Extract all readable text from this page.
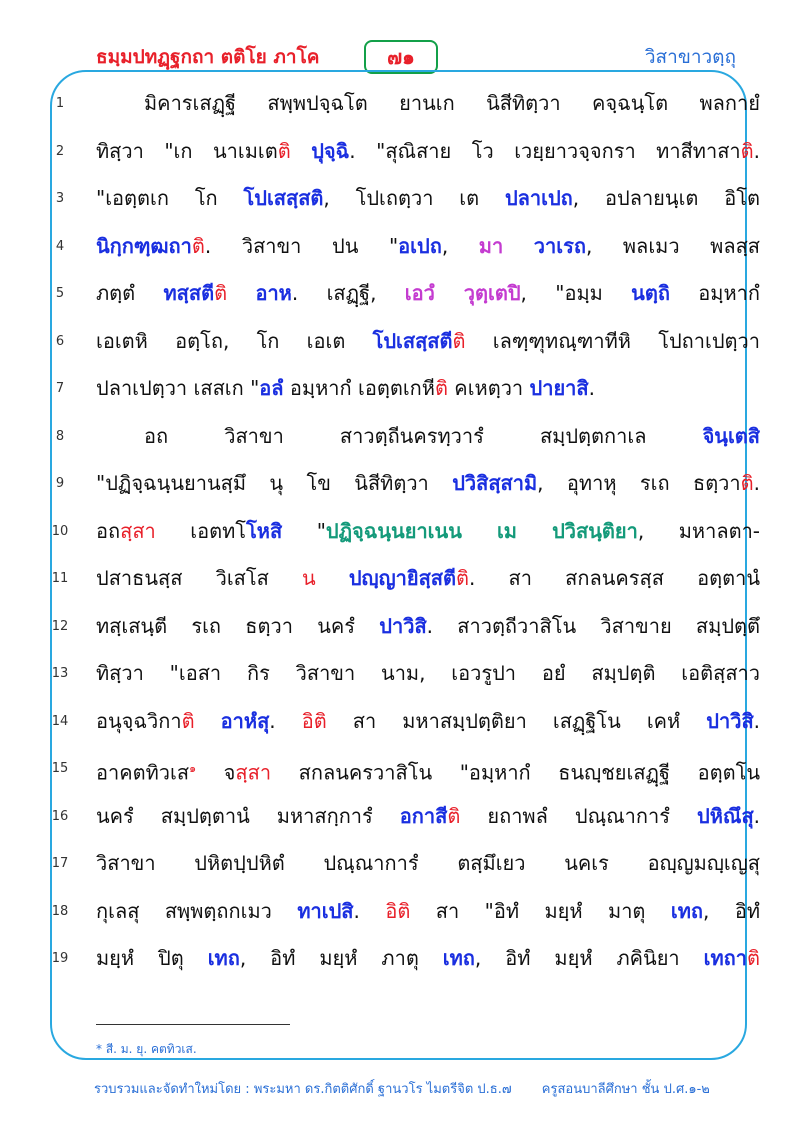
ธมฺมปทฏฺฐกถา ตติโย ภาโค	๗๑	วิสาขาวตฺถุ
1	มิคารเสฏฺฐี สพฺพปจฺฉโต ยานเก นิสีทิตฺวา คจฺฉนฺโต พลกายํ
2	ทิสฺวา "เก นาเมเตติ ปุจฺฉิ. "สุณิสาย โว เวยฺยาวจฺจกรา ทาสีทาสาติ.
3	"เอตฺตเก โก โปเสสฺสติ, โปเถตฺวา เต ปลาเปถ, อปลายนฺเต อิโต
4	นิกฺกฑฺฒถาติ. วิสาขา ปน "อเปถ, มา วาเรถ, พลเมว พลสฺส
5	ภตฺตํ ทสฺสตีติ อาห. เสฏฺฐี, เอวํ วุตฺเตปิ, "อมฺม นตฺถิ อมฺหากํ
6	เอเตหิ อตฺโถ, โก เอเต โปเสสฺสตีติ เลฑฺฑุทณฺฑาทีหิ โปถาเปตฺวา
7	ปลาเปตฺวา เสสเก "อลํ อมฺหากํ เอตฺตเกหีติ คเหตฺวา ปายาสิ.
8	อถ วิสาขา สาวตฺถีนครทฺวารํ สมฺปตฺตกาเล จินฺเตสิ
9	"ปฏิจฺฉนฺนยานสฺมึ นุ โข นิสีทิตฺวา ปวิสิสฺสามิ, อุทาหุ รเถ ธตฺวาติ.
10	อถสฺสา เอตทโโหสิ "ปฏิจฺฉนฺนยาเนน เม ปวิสนฺติยา, มหาลตา-
11	ปสาธนสฺส วิเสโส น ปญฺญายิสฺสตีติ. สา สกลนครสฺส อตฺตานํ
12	ทสฺเสนฺตี รเถ ธตฺวา นครํ ปาวิสิ. สาวตฺถีวาสิโน วิสาขาย สมฺปตฺตึ
13	ทิสฺวา "เอสา กิร วิสาขา นาม, เอวรูปา อยํ สมฺปตฺติ เอติสฺสาว
14	อนุจฺฉวิกาติ อาหํสุ. อิติ สา มหาสมฺปตฺติยา เสฏฺฐิโน เคหํ ปาวิสิ.
15	อาคตทิวเส$^๑$ จสฺสา สกลนครวาสิโน "อมฺหากํ ธนญฺชยเสฏฺฐี อตฺตโน
16	นครํ สมฺปตฺตานํ มหาสกฺการํ อกาสีติ ยถาพลํ ปณฺณาการํ ปหิณึสุ.
17	วิสาขา ปหิตปฺปหิตํ ปณฺณาการํ ตสฺมึเยว นคเร อญฺญมญฺเญสุ
18	กุเลสุ สพฺพตฺถกเมว ทาเปสิ. อิติ สา "อิทํ มยฺหํ มาตุ เทถ, อิทํ
19	มยฺหํ ปิตุ เทถ, อิทํ มยฺหํ ภาตุ เทถ, อิทํ มยฺหํ ภคินิยา เทถาติ
* สี. ม. ยุ. คตทิวเส.
รวบรวมและจัดทำใหม่โดย : พระมหา ดร.กิตติศักดิ์ ฐานวโร ไมตรีจิต ป.ธ.๗ ครูสอนบาลีศึกษา ชั้น ป.ศ.๑-๒
